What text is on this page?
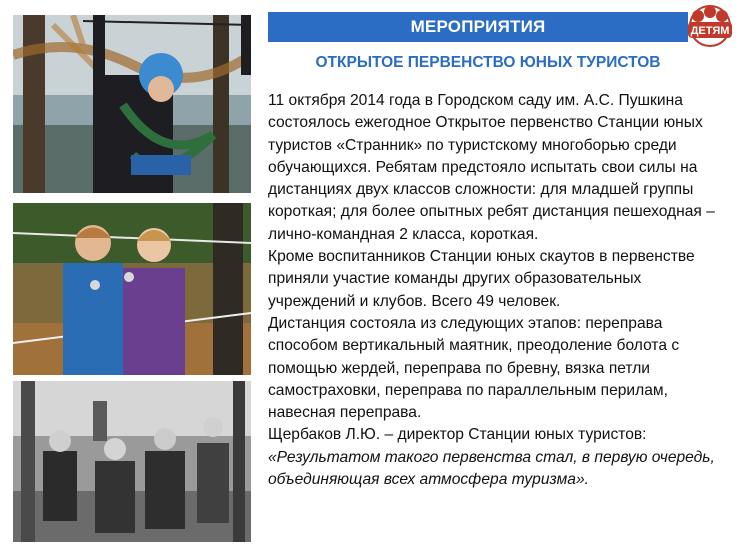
МЕРОПРИЯТИЯ	ДЕТЯМ
ОТКРЫТОЕ ПЕРВЕНСТВО ЮНЫХ ТУРИСТОВ

11 октября 2014 года в Городском саду им. А.С. Пушкина состоялось ежегодное Открытое первенство Станции юных туристов «Странник» по туристскому многоборью среди обучающихся. Ребятам предстояло испытать свои силы на дистанциях двух классов сложности: для младшей группы короткая; для более опытных ребят дистанция пешеходная – лично-командная 2 класса, короткая.

Кроме воспитанников Станции юных скаутов в первенстве приняли участие команды других образовательных учреждений и клубов. Всего 49 человек.

Дистанция состояла из следующих этапов: переправа способом вертикальный маятник, преодоление болота с помощью жердей, переправа по бревну, вязка петли самостраховки, переправа по параллельным перилам, навесная переправа.

Щербаков Л.Ю. – директор Станции юных туристов:

«Результатом такого первенства стал, в первую очередь, объединяющая всех атмосфера туризма».
